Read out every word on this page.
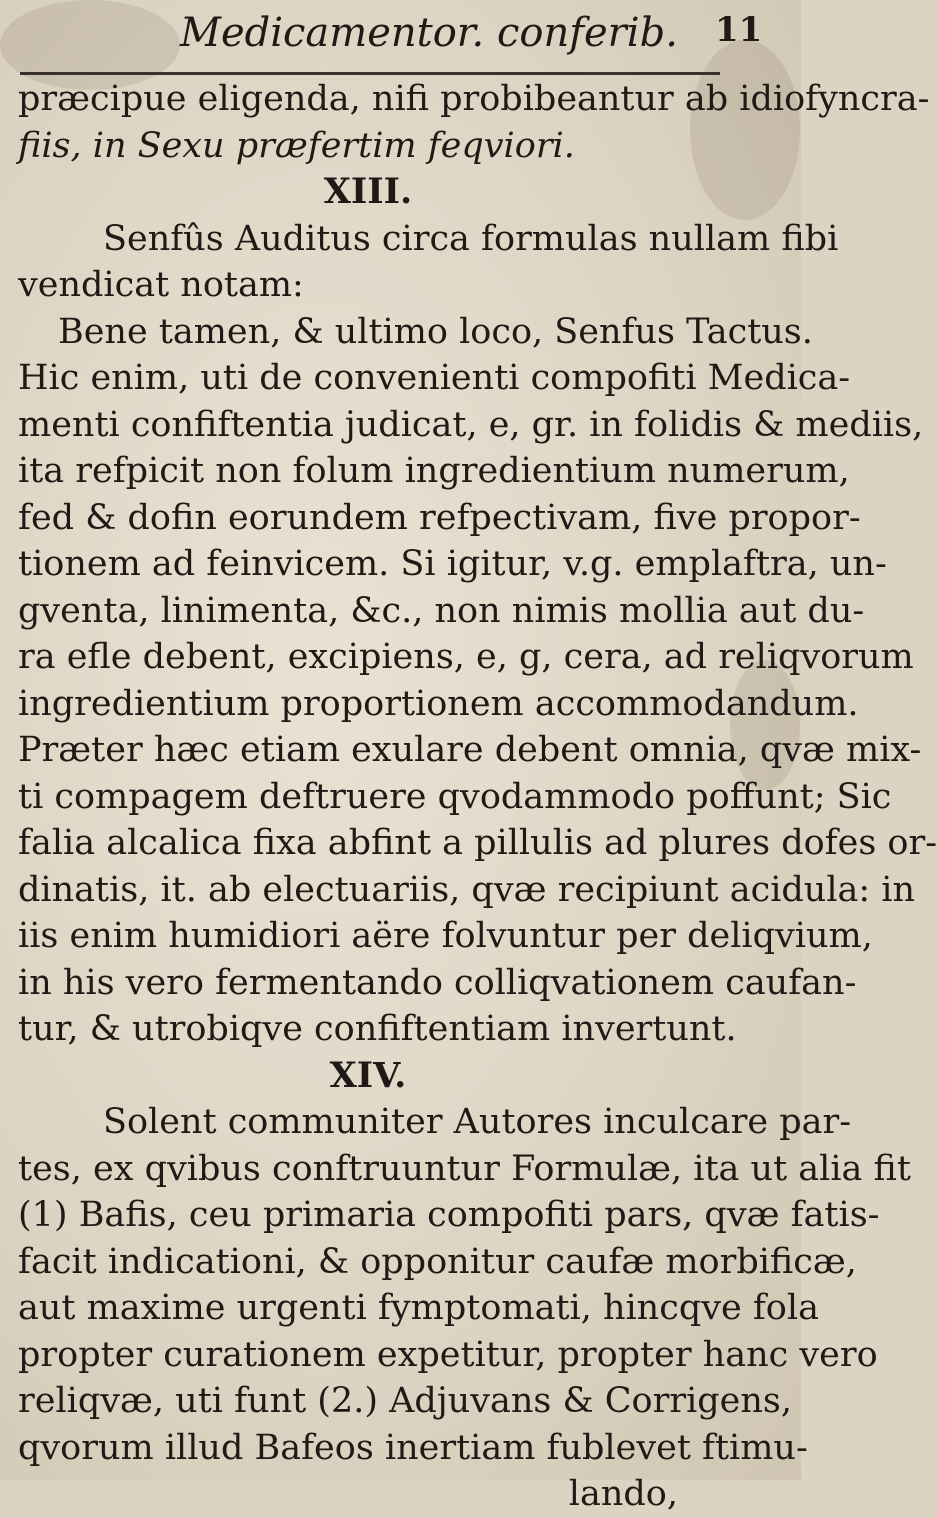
Medicamentor. conferib. 11
præcipue eligenda, nifi probibeantur ab idiofyncra-
fiis, in Sexu præfertim feqviori.
XIII.
Senfûs Auditus circa formulas nullam fibi
vendicat notam:
Bene tamen, & ultimo loco, Senfus Tactus.
Hic enim, uti de convenienti compofiti Medica-
menti confiftentia judicat, e, gr. in folidis & mediis,
ita refpicit non folum ingredientium numerum,
fed & dofin eorundem refpectivam, five propor-
tionem ad feinvicem. Si igitur, v.g. emplaftra, un-
gventa, linimenta, &c., non nimis mollia aut du-
ra efle debent, excipiens, e, g, cera, ad reliqvorum
ingredientium proportionem accommodandum.
Præter hæc etiam exulare debent omnia, qvæ mix-
ti compagem deftruere qvodammodo poffunt; Sic
falia alcalica fixa abfint a pillulis ad plures dofes or-
dinatis, it. ab electuariis, qvæ recipiunt acidula: in
iis enim humidiori aëre folvuntur per deliqvium,
in his vero fermentando colliqvationem caufan-
tur, & utrobiqve confiftentiam invertunt.
XIV.
Solent communiter Autores inculcare par-
tes, ex qvibus conftruuntur Formulæ, ita ut alia fit
(1) Bafis, ceu primaria compofiti pars, qvæ fatis-
facit indicationi, & opponitur caufæ morbificæ,
aut maxime urgenti fymptomati, hincqve fola
propter curationem expetitur, propter hanc vero
reliqvæ, uti funt (2.) Adjuvans & Corrigens,
qvorum illud Bafeos inertiam fublevet ftimu-
lando,
